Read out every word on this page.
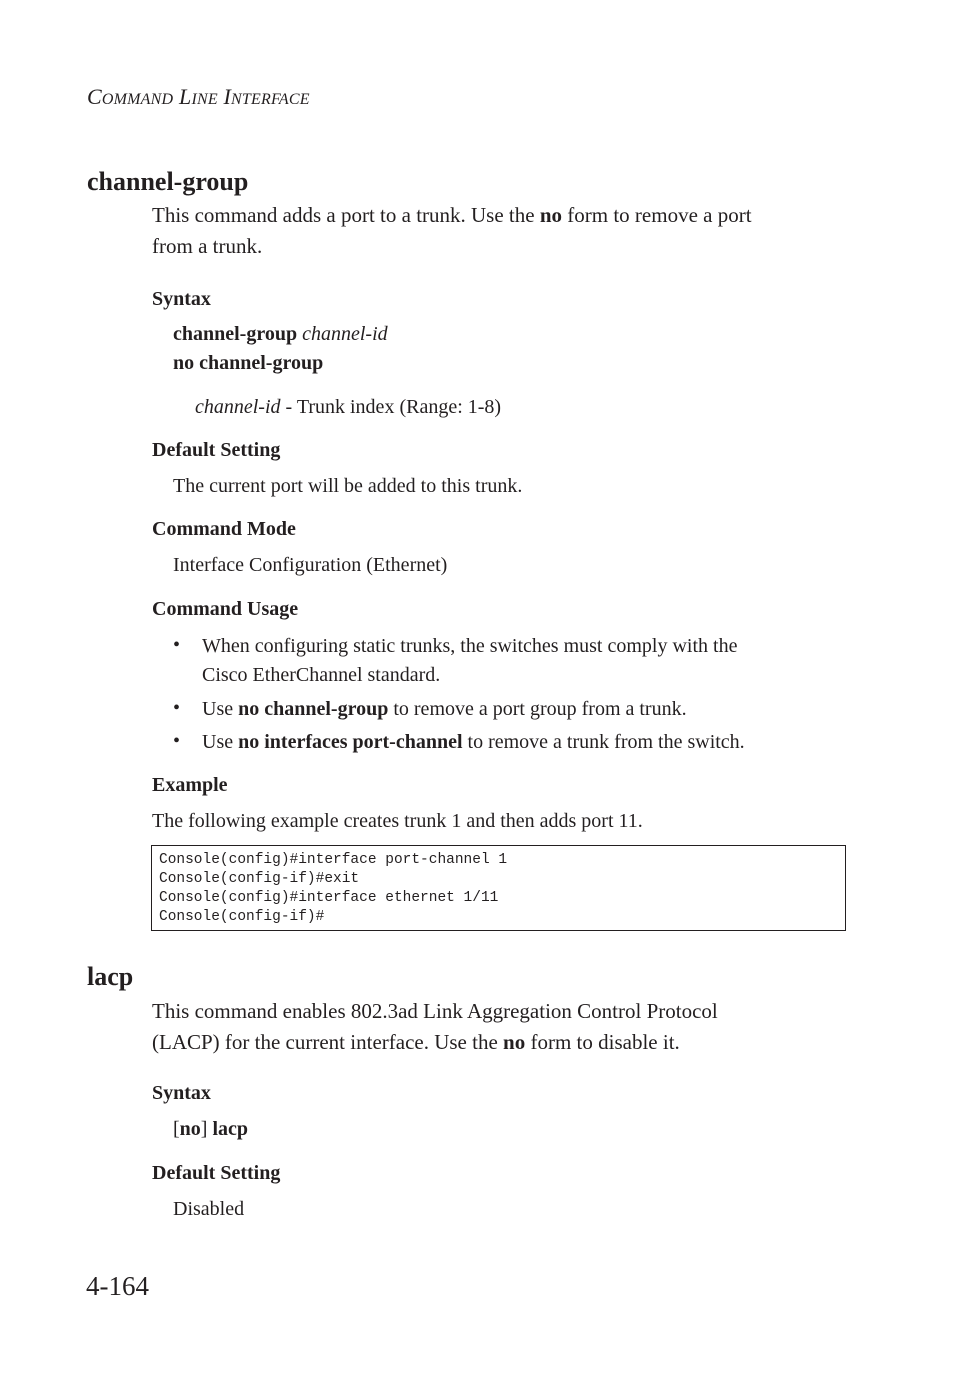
COMMAND LINE INTERFACE
channel-group
This command adds a port to a trunk. Use the no form to remove a port
from a trunk.
Syntax
channel-group channel-id
no channel-group
channel-id - Trunk index (Range: 1-8)
Default Setting
The current port will be added to this trunk.
Command Mode
Interface Configuration (Ethernet)
Command Usage
• When configuring static trunks, the switches must comply with the
Cisco EtherChannel standard.
• Use no channel-group to remove a port group from a trunk.
• Use no interfaces port-channel to remove a trunk from the switch.
Example
The following example creates trunk 1 and then adds port 11.
Console(config)#interface port-channel 1
Console(config-if)#exit
Console(config)#interface ethernet 1/11
Console(config-if)#
lacp
This command enables 802.3ad Link Aggregation Control Protocol
(LACP) for the current interface. Use the no form to disable it.
Syntax
[no] lacp
Default Setting
Disabled
4-164
